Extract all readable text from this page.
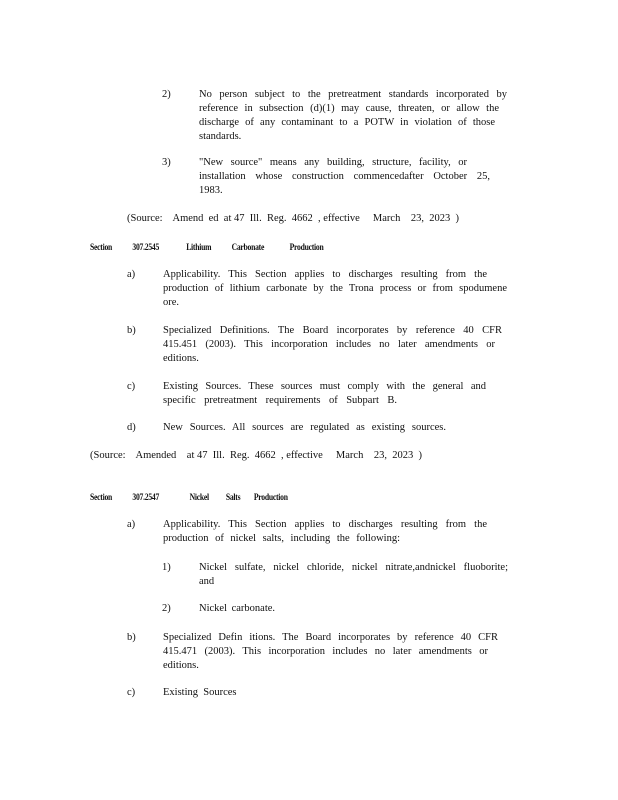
2)	No person subject to the pretreatment standards incorporated by
reference in subsection (d)(1) may cause, threaten, or allow the
discharge of any contaminant to a POTW in violation of those
standards.
3)	"New source" means any building, structure, facility, or
installation whose construction commencedafter October 25,
1983.
(Source:    Amend  ed  at 47  Ill.  Reg.  4662  , effective     March    23,  2023  )
Section 307.2545	Lithium Carbonate	Production
a)	Applicability. This Section applies to discharges resulting from the
production of lithium carbonate by the Trona process or from spodumene
ore.
b)	Specialized Definitions. The Board incorporates by reference 40 CFR
415.451 (2003). This incorporation includes no later amendments or
editions.
c)	Existing Sources. These sources must comply with the general and
specific pretreatment requirements of Subpart B.
d)	New Sources. All sources are regulated as existing sources.
(Source:    Amended    at 47  Ill.  Reg.  4662  , effective     March    23,  2023  )
Section 307.2547	Nickel Salts Production
a)	Applicability. This Section applies to discharges resulting from the
production of nickel salts, including the following:
1)	Nickel sulfate, nickel chloride, nickel nitrate,andnickel fluoborite;
and
2)	Nickel carbonate.
b)	Specialized Defin itions. The Board incorporates by reference 40 CFR
415.471 (2003). This incorporation includes no later amendments or
editions.
c)	Existing  Sources
